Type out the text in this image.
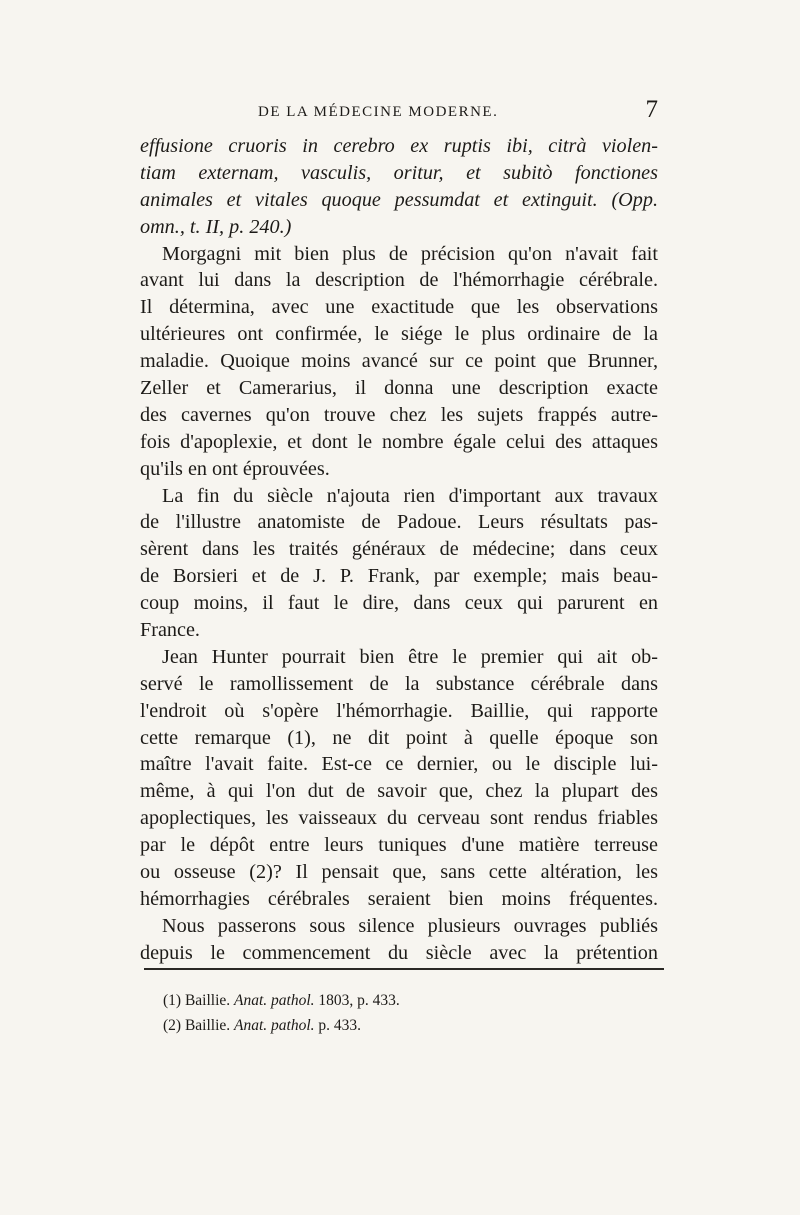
DE LA MÉDECINE MODERNE.	7
effusione cruoris in cerebro ex ruptis ibi, citrà violen-
tiam externam, vasculis, oritur, et subitò fonctiones
animales et vitales quoque pessumdat et extinguit. (Opp.
omn., t. II, p. 240.)
Morgagni mit bien plus de précision qu'on n'avait fait
avant lui dans la description de l'hémorrhagie cérébrale.
Il détermina, avec une exactitude que les observations
ultérieures ont confirmée, le siége le plus ordinaire de la
maladie. Quoique moins avancé sur ce point que Brunner,
Zeller et Camerarius, il donna une description exacte
des cavernes qu'on trouve chez les sujets frappés autre-
fois d'apoplexie, et dont le nombre égale celui des attaques
qu'ils en ont éprouvées.
La fin du siècle n'ajouta rien d'important aux travaux
de l'illustre anatomiste de Padoue. Leurs résultats pas-
sèrent dans les traités généraux de médecine; dans ceux
de Borsieri et de J. P. Frank, par exemple; mais beau-
coup moins, il faut le dire, dans ceux qui parurent en
France.
Jean Hunter pourrait bien être le premier qui ait ob-
servé le ramollissement de la substance cérébrale dans
l'endroit où s'opère l'hémorrhagie. Baillie, qui rapporte
cette remarque (1), ne dit point à quelle époque son
maître l'avait faite. Est-ce ce dernier, ou le disciple lui-
même, à qui l'on dut de savoir que, chez la plupart des
apoplectiques, les vaisseaux du cerveau sont rendus friables
par le dépôt entre leurs tuniques d'une matière terreuse
ou osseuse (2)? Il pensait que, sans cette altération, les
hémorrhagies cérébrales seraient bien moins fréquentes.
Nous passerons sous silence plusieurs ouvrages publiés
depuis le commencement du siècle avec la prétention
(1) Baillie. Anat. pathol. 1803, p. 433.
(2) Baillie. Anat. pathol. p. 433.
